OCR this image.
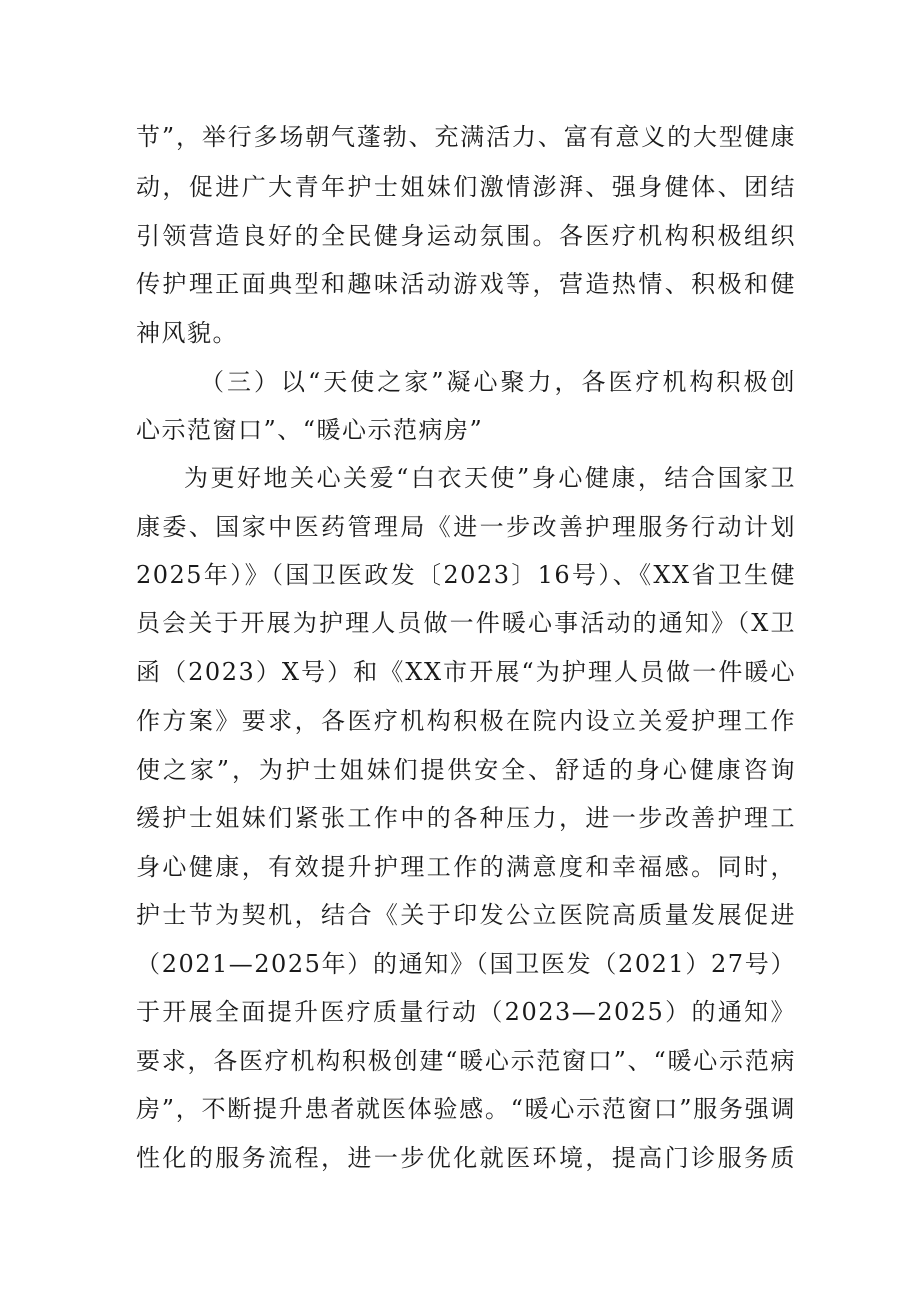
节”，举行多场朝气蓬勃、充满活力、富有意义的大型健康

动，促进广大青年护士姐妹们激情澎湃、强身健体、团结

引领营造良好的全民健身运动氛围。各医疗机构积极组织

传护理正面典型和趣味活动游戏等，营造热情、积极和健

神风貌。

（三）以“天使之家”凝心聚力，各医疗机构积极创

心示范窗口”、“暖心示范病房”

为更好地关心关爱“白衣天使”身心健康，结合国家卫

康委、国家中医药管理局《进一步改善护理服务行动计划

2025年）》（国卫医政发〔2023〕16号）、《XX省卫生健

员会关于开展为护理人员做一件暖心事活动的通知》（X卫

函（2023）X号）和《XX市开展“为护理人员做一件暖心

作方案》要求，各医疗机构积极在院内设立关爱护理工作

使之家”，为护士姐妹们提供安全、舒适的身心健康咨询

缓护士姐妹们紧张工作中的各种压力，进一步改善护理工

身心健康，有效提升护理工作的满意度和幸福感。同时，

护士节为契机，结合《关于印发公立医院高质量发展促进

（2021—2025年）的通知》（国卫医发（2021）27号）

于开展全面提升医疗质量行动（2023—2025）的通知》

要求，各医疗机构积极创建“暖心示范窗口”、“暖心示范病

房”，不断提升患者就医体验感。“暖心示范窗口”服务强调

性化的服务流程，进一步优化就医环境，提高门诊服务质
